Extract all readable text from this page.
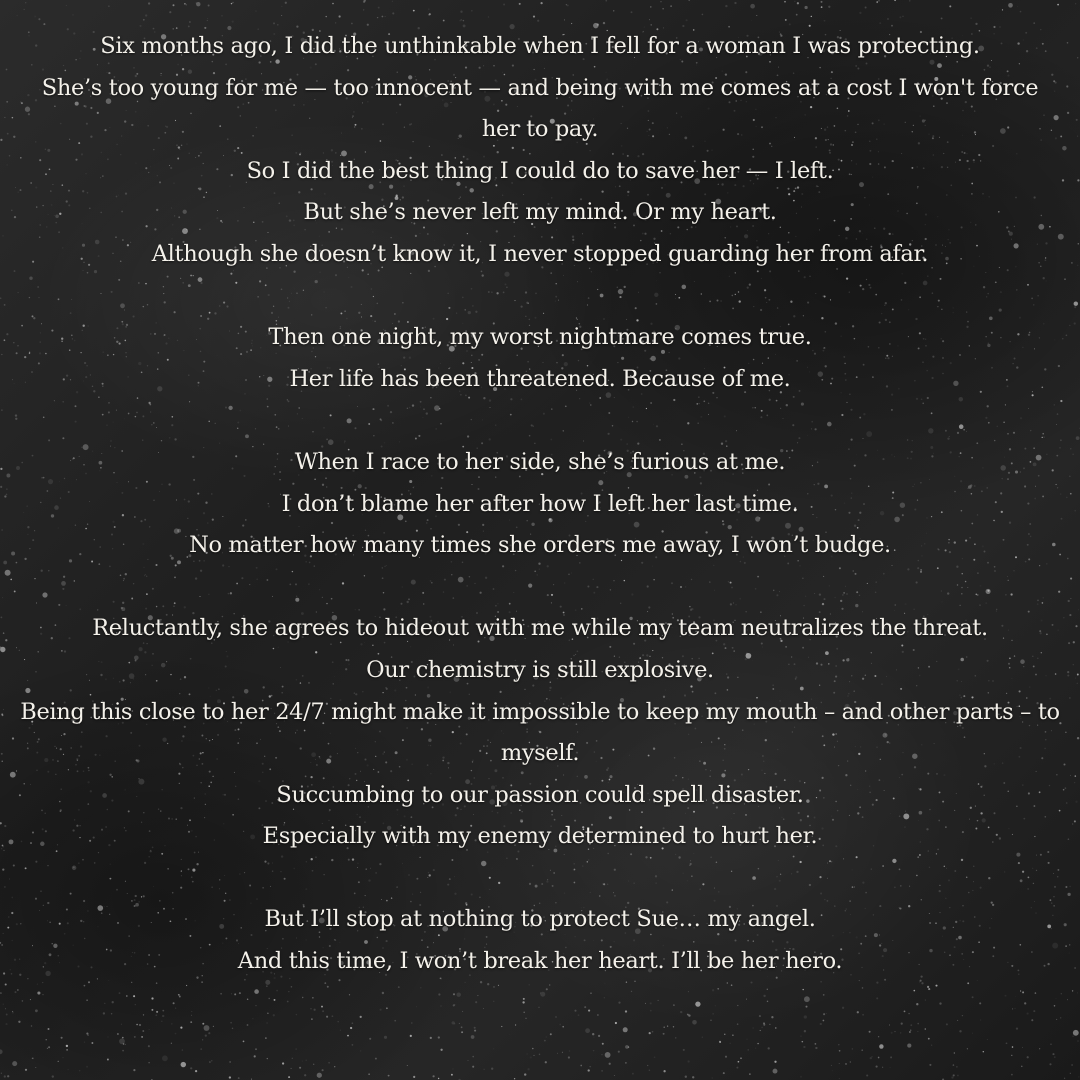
Six months ago, I did the unthinkable when I fell for a woman I was protecting.
She’s too young for me — too innocent — and being with me comes at a cost I won't force her to pay.
So I did the best thing I could do to save her — I left.
But she’s never left my mind. Or my heart.
Although she doesn’t know it, I never stopped guarding her from afar.

Then one night, my worst nightmare comes true.
Her life has been threatened. Because of me.

When I race to her side, she’s furious at me.
I don’t blame her after how I left her last time.
No matter how many times she orders me away, I won’t budge.

Reluctantly, she agrees to hideout with me while my team neutralizes the threat.
Our chemistry is still explosive.
Being this close to her 24/7 might make it impossible to keep my mouth – and other parts – to myself.
Succumbing to our passion could spell disaster.
Especially with my enemy determined to hurt her.

But I’ll stop at nothing to protect Sue… my angel.
And this time, I won’t break her heart. I’ll be her hero.
